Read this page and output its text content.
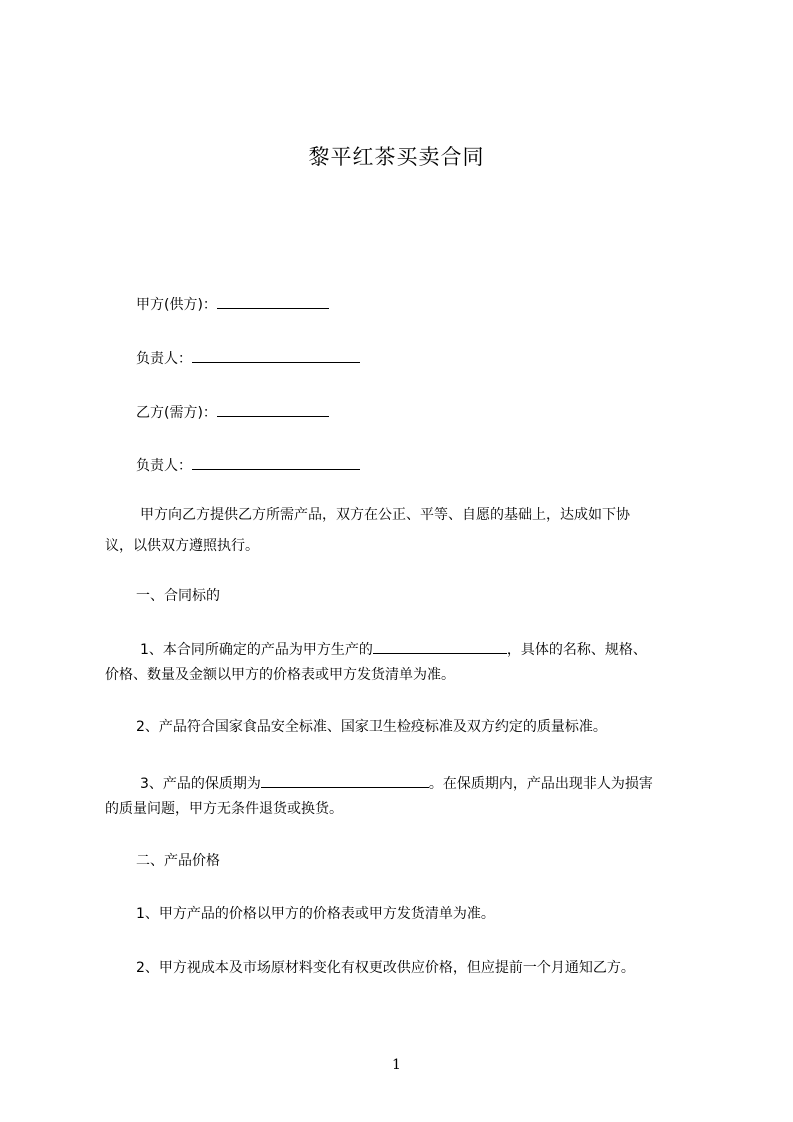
黎平红茶买卖合同
甲方(供方)：
负责人：
乙方(需方)：
负责人：
甲方向乙方提供乙方所需产品，双方在公正、平等、自愿的基础上，达成如下协
议，以供双方遵照执行。
一、合同标的
1、本合同所确定的产品为甲方生产的	，具体的名称、规格、
价格、数量及金额以甲方的价格表或甲方发货清单为准。
2、产品符合国家食品安全标准、国家卫生检疫标准及双方约定的质量标准。
3、产品的保质期为	。在保质期内，产品出现非人为损害
的质量问题，甲方无条件退货或换货。
二、产品价格
1、甲方产品的价格以甲方的价格表或甲方发货清单为准。
2、甲方视成本及市场原材料变化有权更改供应价格，但应提前一个月通知乙方。
1
